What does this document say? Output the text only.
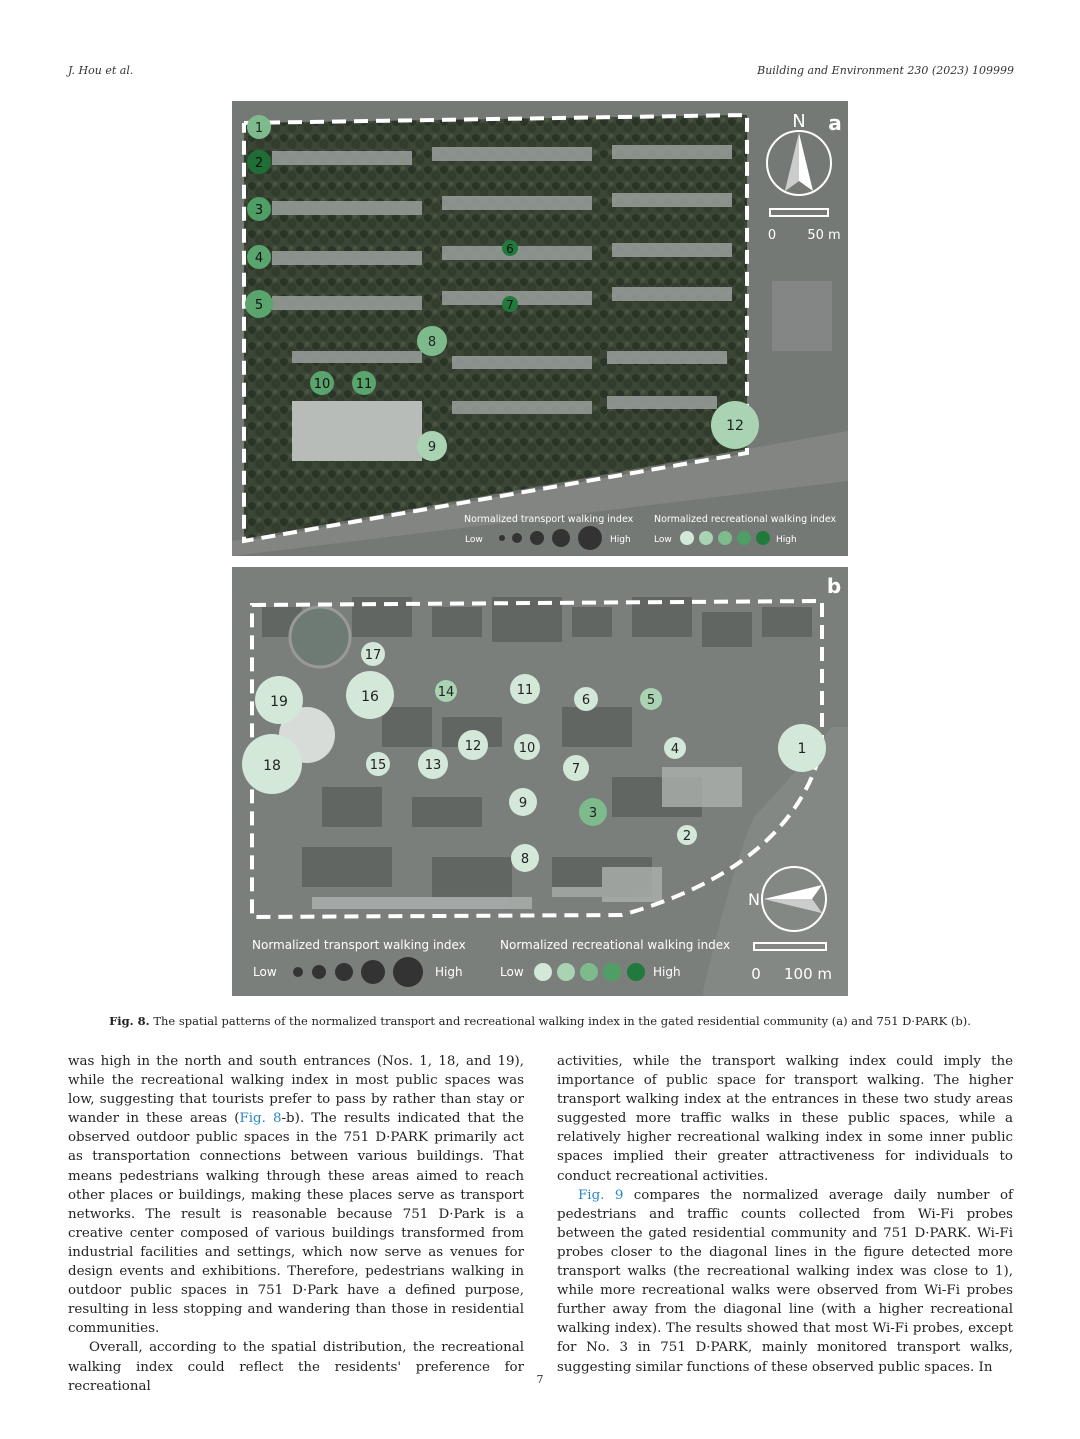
J. Hou et al.	Building and Environment 230 (2023) 109999
1
2
3
4
5
6
7
8
9
10 11
12
N a
0 50 m
Normalized transport walking index Normalized recreational walking index
Low	High	Low	High
1
2
3
4
5
6
7
8
9
10
11
12
13
14
15
16
17
18
19
b
N
0 100 m
Normalized transport walking index	Normalized recreational walking index
Low	High	Low	High
Fig. 8. The spatial patterns of the normalized transport and recreational walking index in the gated residential community (a) and 751 D·PARK (b).

was high in the north and south entrances (Nos. 1, 18, and 19), while the recreational walking index in most public spaces was low, suggesting that tourists prefer to pass by rather than stay or wander in these areas (Fig. 8-b). The results indicated that the observed outdoor public spaces in the 751 D·PARK primarily act as transportation connections between various buildings. That means pedestrians walking through these areas aimed to reach other places or buildings, making these places serve as transport networks. The result is reasonable because 751 D·Park is a creative center composed of various buildings transformed from industrial facilities and settings, which now serve as venues for design events and exhibitions. Therefore, pedestrians walking in outdoor public spaces in 751 D·Park have a defined purpose, resulting in less stopping and wandering than those in residential communities.

Overall, according to the spatial distribution, the recreational walking index could reflect the residents' preference for recreational

activities, while the transport walking index could imply the importance of public space for transport walking. The higher transport walking index at the entrances in these two study areas suggested more traffic walks in these public spaces, while a relatively higher recreational walking index in some inner public spaces implied their greater attractiveness for individuals to conduct recreational activities.

Fig. 9 compares the normalized average daily number of pedestrians and traffic counts collected from Wi-Fi probes between the gated residential community and 751 D·PARK. Wi-Fi probes closer to the diagonal lines in the figure detected more transport walks (the recreational walking index was close to 1), while more recreational walks were observed from Wi-Fi probes further away from the diagonal line (with a higher recreational walking index). The results showed that most Wi-Fi probes, except for No. 3 in 751 D·PARK, mainly monitored transport walks, suggesting similar functions of these observed public spaces. In

7
